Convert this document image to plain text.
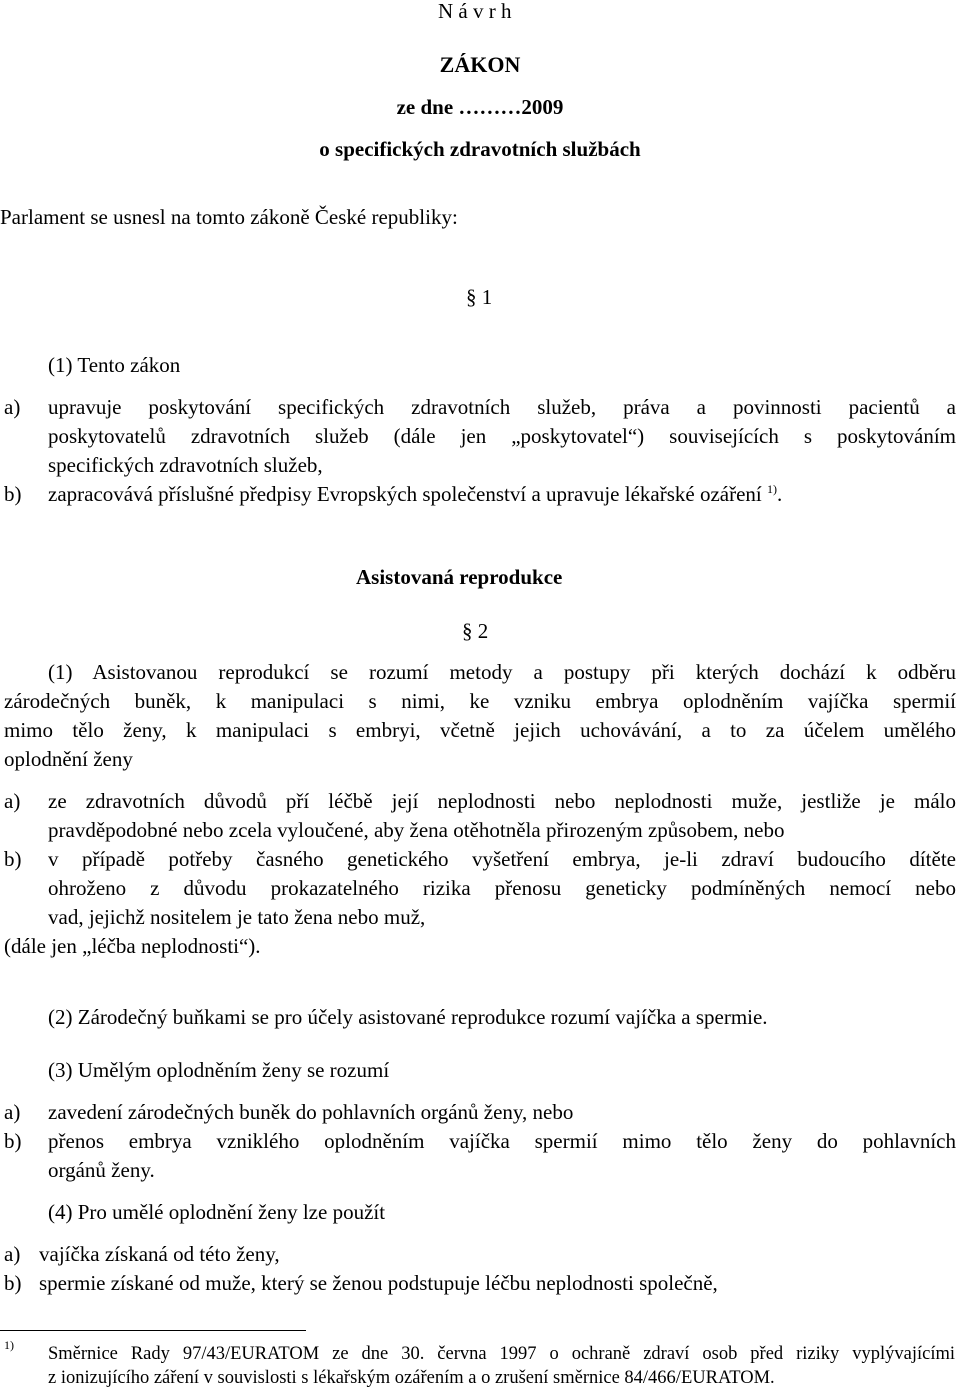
N á v r h
ZÁKON
ze dne ………2009
o specifických zdravotních službách
Parlament se usnesl na tomto zákoně České republiky:
§ 1
(1) Tento zákon
a) upravuje poskytování specifických zdravotních služeb, práva a povinnosti pacientů a
poskytovatelů zdravotních služeb (dále jen „poskytovatel“) souvisejících s poskytováním
specifických zdravotních služeb,
b) zapracovává příslušné předpisy Evropských společenství a upravuje lékařské ozáření $^{1)}$.
Asistovaná reprodukce
§ 2
(1) Asistovanou reprodukcí se rozumí metody a postupy při kterých dochází k odběru
zárodečných buněk, k manipulaci s nimi, ke vzniku embrya oplodněním vajíčka spermií
mimo tělo ženy, k manipulaci s embryi, včetně jejich uchovávání, a to za účelem umělého
oplodnění ženy
a) ze zdravotních důvodů pří léčbě její neplodnosti nebo neplodnosti muže, jestliže je málo
pravděpodobné nebo zcela vyloučené, aby žena otěhotněla přirozeným způsobem, nebo
b) v případě potřeby časného genetického vyšetření embrya, je-li zdraví budoucího dítěte
ohroženo z důvodu prokazatelného rizika přenosu geneticky podmíněných nemocí nebo
vad, jejichž nositelem je tato žena nebo muž,
(dále jen „léčba neplodnosti“).
(2) Zárodečný buňkami se pro účely asistované reprodukce rozumí vajíčka a spermie.
(3) Umělým oplodněním ženy se rozumí
a) zavedení zárodečných buněk do pohlavních orgánů ženy, nebo
b) přenos embrya vzniklého oplodněním vajíčka spermií mimo tělo ženy do pohlavních
orgánů ženy.
(4) Pro umělé oplodnění ženy lze použít
a) vajíčka získaná od této ženy,
b) spermie získané od muže, který se ženou podstupuje léčbu neplodnosti společně,
1) Směrnice Rady 97/43/EURATOM ze dne 30. června 1997 o ochraně zdraví osob před riziky vyplývajícími
z ionizujícího záření v souvislosti s lékařským ozářením a o zrušení směrnice 84/466/EURATOM.
